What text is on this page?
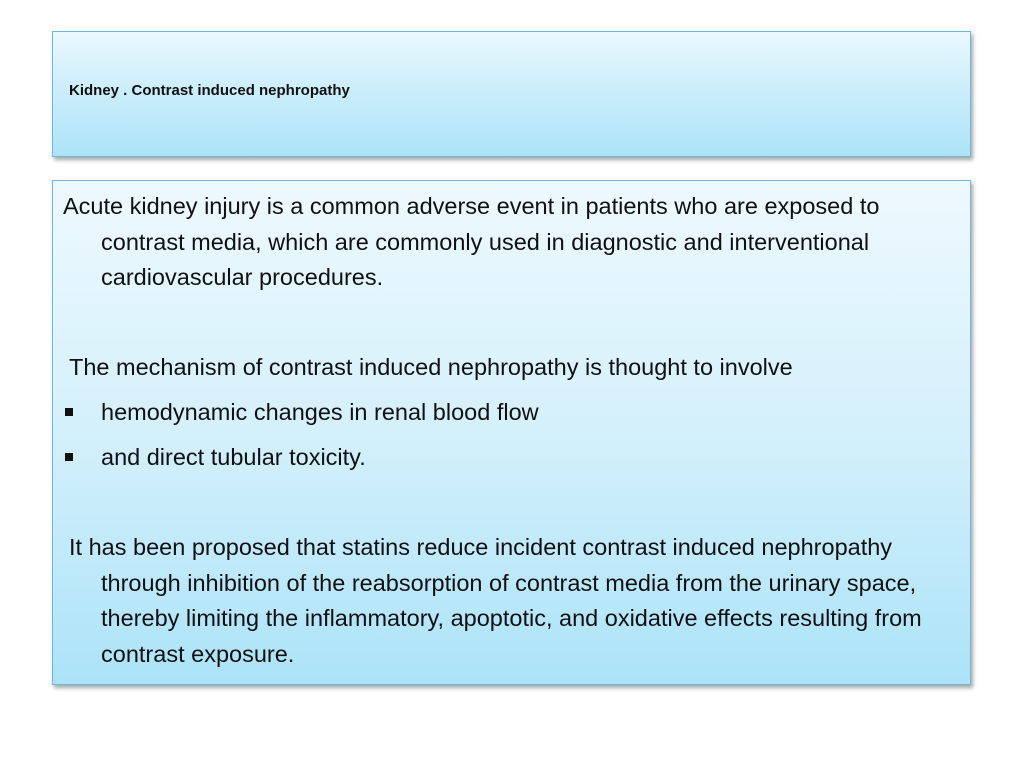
Kidney . Contrast induced nephropathy

Acute kidney injury is a common adverse event in patients who are exposed to contrast media, which are commonly used in diagnostic and interventional cardiovascular procedures.

The mechanism of contrast induced nephropathy is thought to involve

hemodynamic changes in renal blood flow
and direct tubular toxicity.

It has been proposed that statins reduce incident contrast induced nephropathy through inhibition of the reabsorption of contrast media from the urinary space, thereby limiting the inflammatory, apoptotic, and oxidative effects resulting from contrast exposure.
